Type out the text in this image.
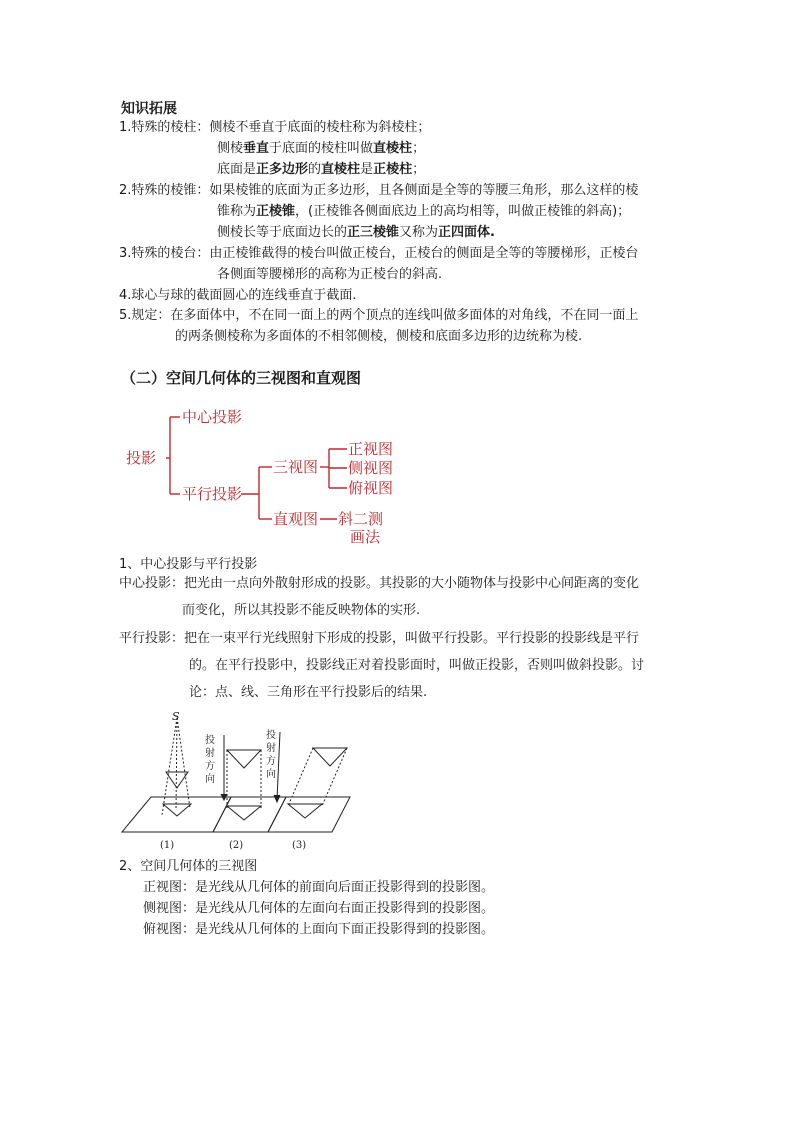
知识拓展
1.特殊的棱柱：侧棱不垂直于底面的棱柱称为斜棱柱；
侧棱垂直于底面的棱柱叫做直棱柱；
底面是正多边形的直棱柱是正棱柱；
2.特殊的棱锥：如果棱锥的底面为正多边形，且各侧面是全等的等腰三角形，那么这样的棱
锥称为正棱锥，(正棱锥各侧面底边上的高均相等，叫做正棱锥的斜高)；
侧棱长等于底面边长的正三棱锥又称为正四面体.
3.特殊的棱台：由正棱锥截得的棱台叫做正棱台，正棱台的侧面是全等的等腰梯形，正棱台
各侧面等腰梯形的高称为正棱台的斜高.
4.球心与球的截面圆心的连线垂直于截面.
5.规定：在多面体中，不在同一面上的两个顶点的连线叫做多面体的对角线，不在同一面上
的两条侧棱称为多面体的不相邻侧棱，侧棱和底面多边形的边统称为棱.
（二）空间几何体的三视图和直观图
投影
中心投影
平行投影
三视图
正视图
侧视图
俯视图
直观图 斜二测
画法
1、中心投影与平行投影
中心投影：把光由一点向外散射形成的投影。其投影的大小随物体与投影中心间距离的变化
而变化，所以其投影不能反映物体的实形.
平行投影：把在一束平行光线照射下形成的投影，叫做平行投影。平行投影的投影线是平行
的。在平行投影中，投影线正对着投影面时，叫做正投影，否则叫做斜投影。讨
论：点、线、三角形在平行投影后的结果.
S
投 射方向
投 射方向
(1)	(2)	(3)
2、空间几何体的三视图
正视图：是光线从几何体的前面向后面正投影得到的投影图。
侧视图：是光线从几何体的左面向右面正投影得到的投影图。
俯视图：是光线从几何体的上面向下面正投影得到的投影图。
